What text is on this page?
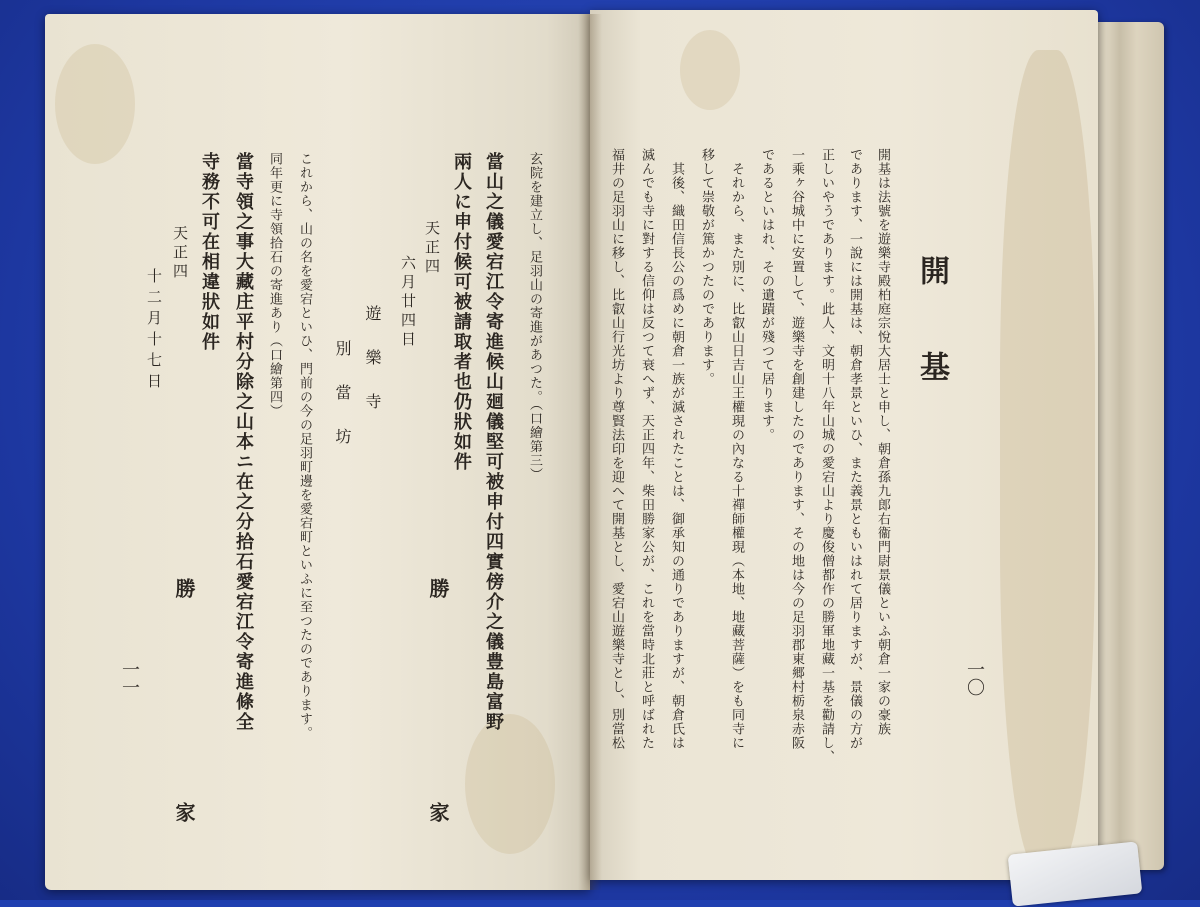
開　基
一〇
開基は法號を遊樂寺殿柏庭宗悅大居士と申し、朝倉孫九郎右衞門尉景儀といふ朝倉一家の豪族
であります、一說には開基は、朝倉孝景といひ、また義景ともいはれて居りますが、景儀の方が
正しいやうであります。此人、文明十八年山城の愛宕山より慶俊僧都作の勝軍地藏一基を勸請し、
一乘ヶ谷城中に安置して、遊樂寺を創建したのであります、その地は今の足羽郡東郷村栃泉赤阪
であるといはれ、その遺蹟が殘つて居ります。
それから、また別に、比叡山日吉山王權現の內なる十禪師權現（本地、地藏菩薩）をも同寺に
移して崇敬が篤かつたのであります。
其後、織田信長公の爲めに朝倉一族が滅されたことは、御承知の通りでありますが、朝倉氏は
滅んでも寺に對する信仰は反つて衰へず、天正四年、柴田勝家公が、これを當時北莊と呼ばれた
福井の足羽山に移し、比叡山行光坊より尊賢法印を迎へて開基とし、愛宕山遊樂寺とし、別當松
玄院を建立し、足羽山の寄進があつた。（口繪第三）
當山之儀愛宕江令寄進候山廻儀堅可被申付四實傍介之儀豊島富野
兩人に申付候可被請取者也仍狀如件
天正四
六月廿四日
遊　樂　寺
別　當　坊
勝　　　家
これから、山の名を愛宕といひ、門前の今の足羽町邊を愛宕町といふに至つたのであります。
同年更に寺領拾石の寄進あり（口繪第四）
當寺領之事大藏庄平村分除之山本ニ在之分拾石愛宕江令寄進條全
寺務不可在相違狀如件
天正四
十二月十七日
勝　　　家
一一
